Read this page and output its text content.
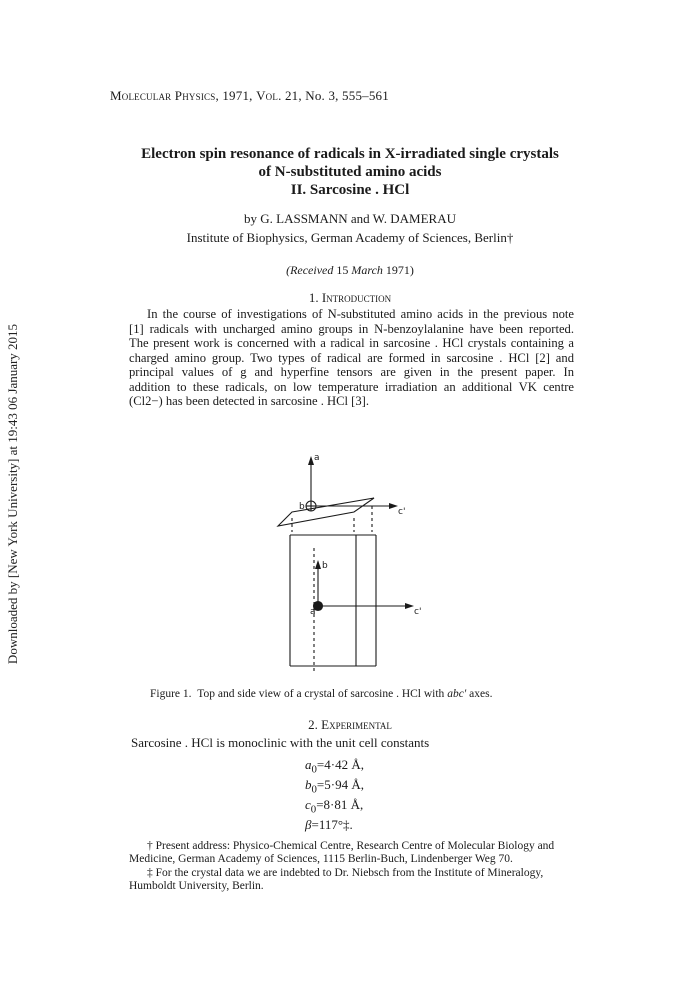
Downloaded by [New York University] at 19:43 06 January 2015
Molecular Physics, 1971, Vol. 21, No. 3, 555–561
Electron spin resonance of radicals in X-irradiated single crystals
of N-substituted amino acids
II. Sarcosine . HCl
by G. LASSMANN and W. DAMERAU
Institute of Biophysics, German Academy of Sciences, Berlin†
(Received 15 March 1971)
1. Introduction
In the course of investigations of N-substituted amino acids in the previous note
[1] radicals with uncharged amino groups in N-benzoylalanine have been reported.
The present work is concerned with a radical in sarcosine . HCl crystals containing a
charged amino group. Two types of radical are formed in sarcosine . HCl [2] and
principal values of g and hyperfine tensors are given in the present paper. In
addition to these radicals, on low temperature irradiation an additional VK centre
(Cl2−) has been detected in sarcosine . HCl [3].
a
b	c'
b
a	c'
Figure 1. Top and side view of a crystal of sarcosine . HCl with abc' axes.
2. Experimental
Sarcosine . HCl is monoclinic with the unit cell constants
$a_0=4\cdot 42$ Å,
$b_0=5\cdot 94$ Å,
$c_0=8\cdot 81$ Å,
β=117°‡.
† Present address: Physico-Chemical Centre, Research Centre of Molecular Biology and
Medicine, German Academy of Sciences, 1115 Berlin-Buch, Lindenberger Weg 70.
‡ For the crystal data we are indebted to Dr. Niebsch from the Institute of Mineralogy,
Humboldt University, Berlin.
